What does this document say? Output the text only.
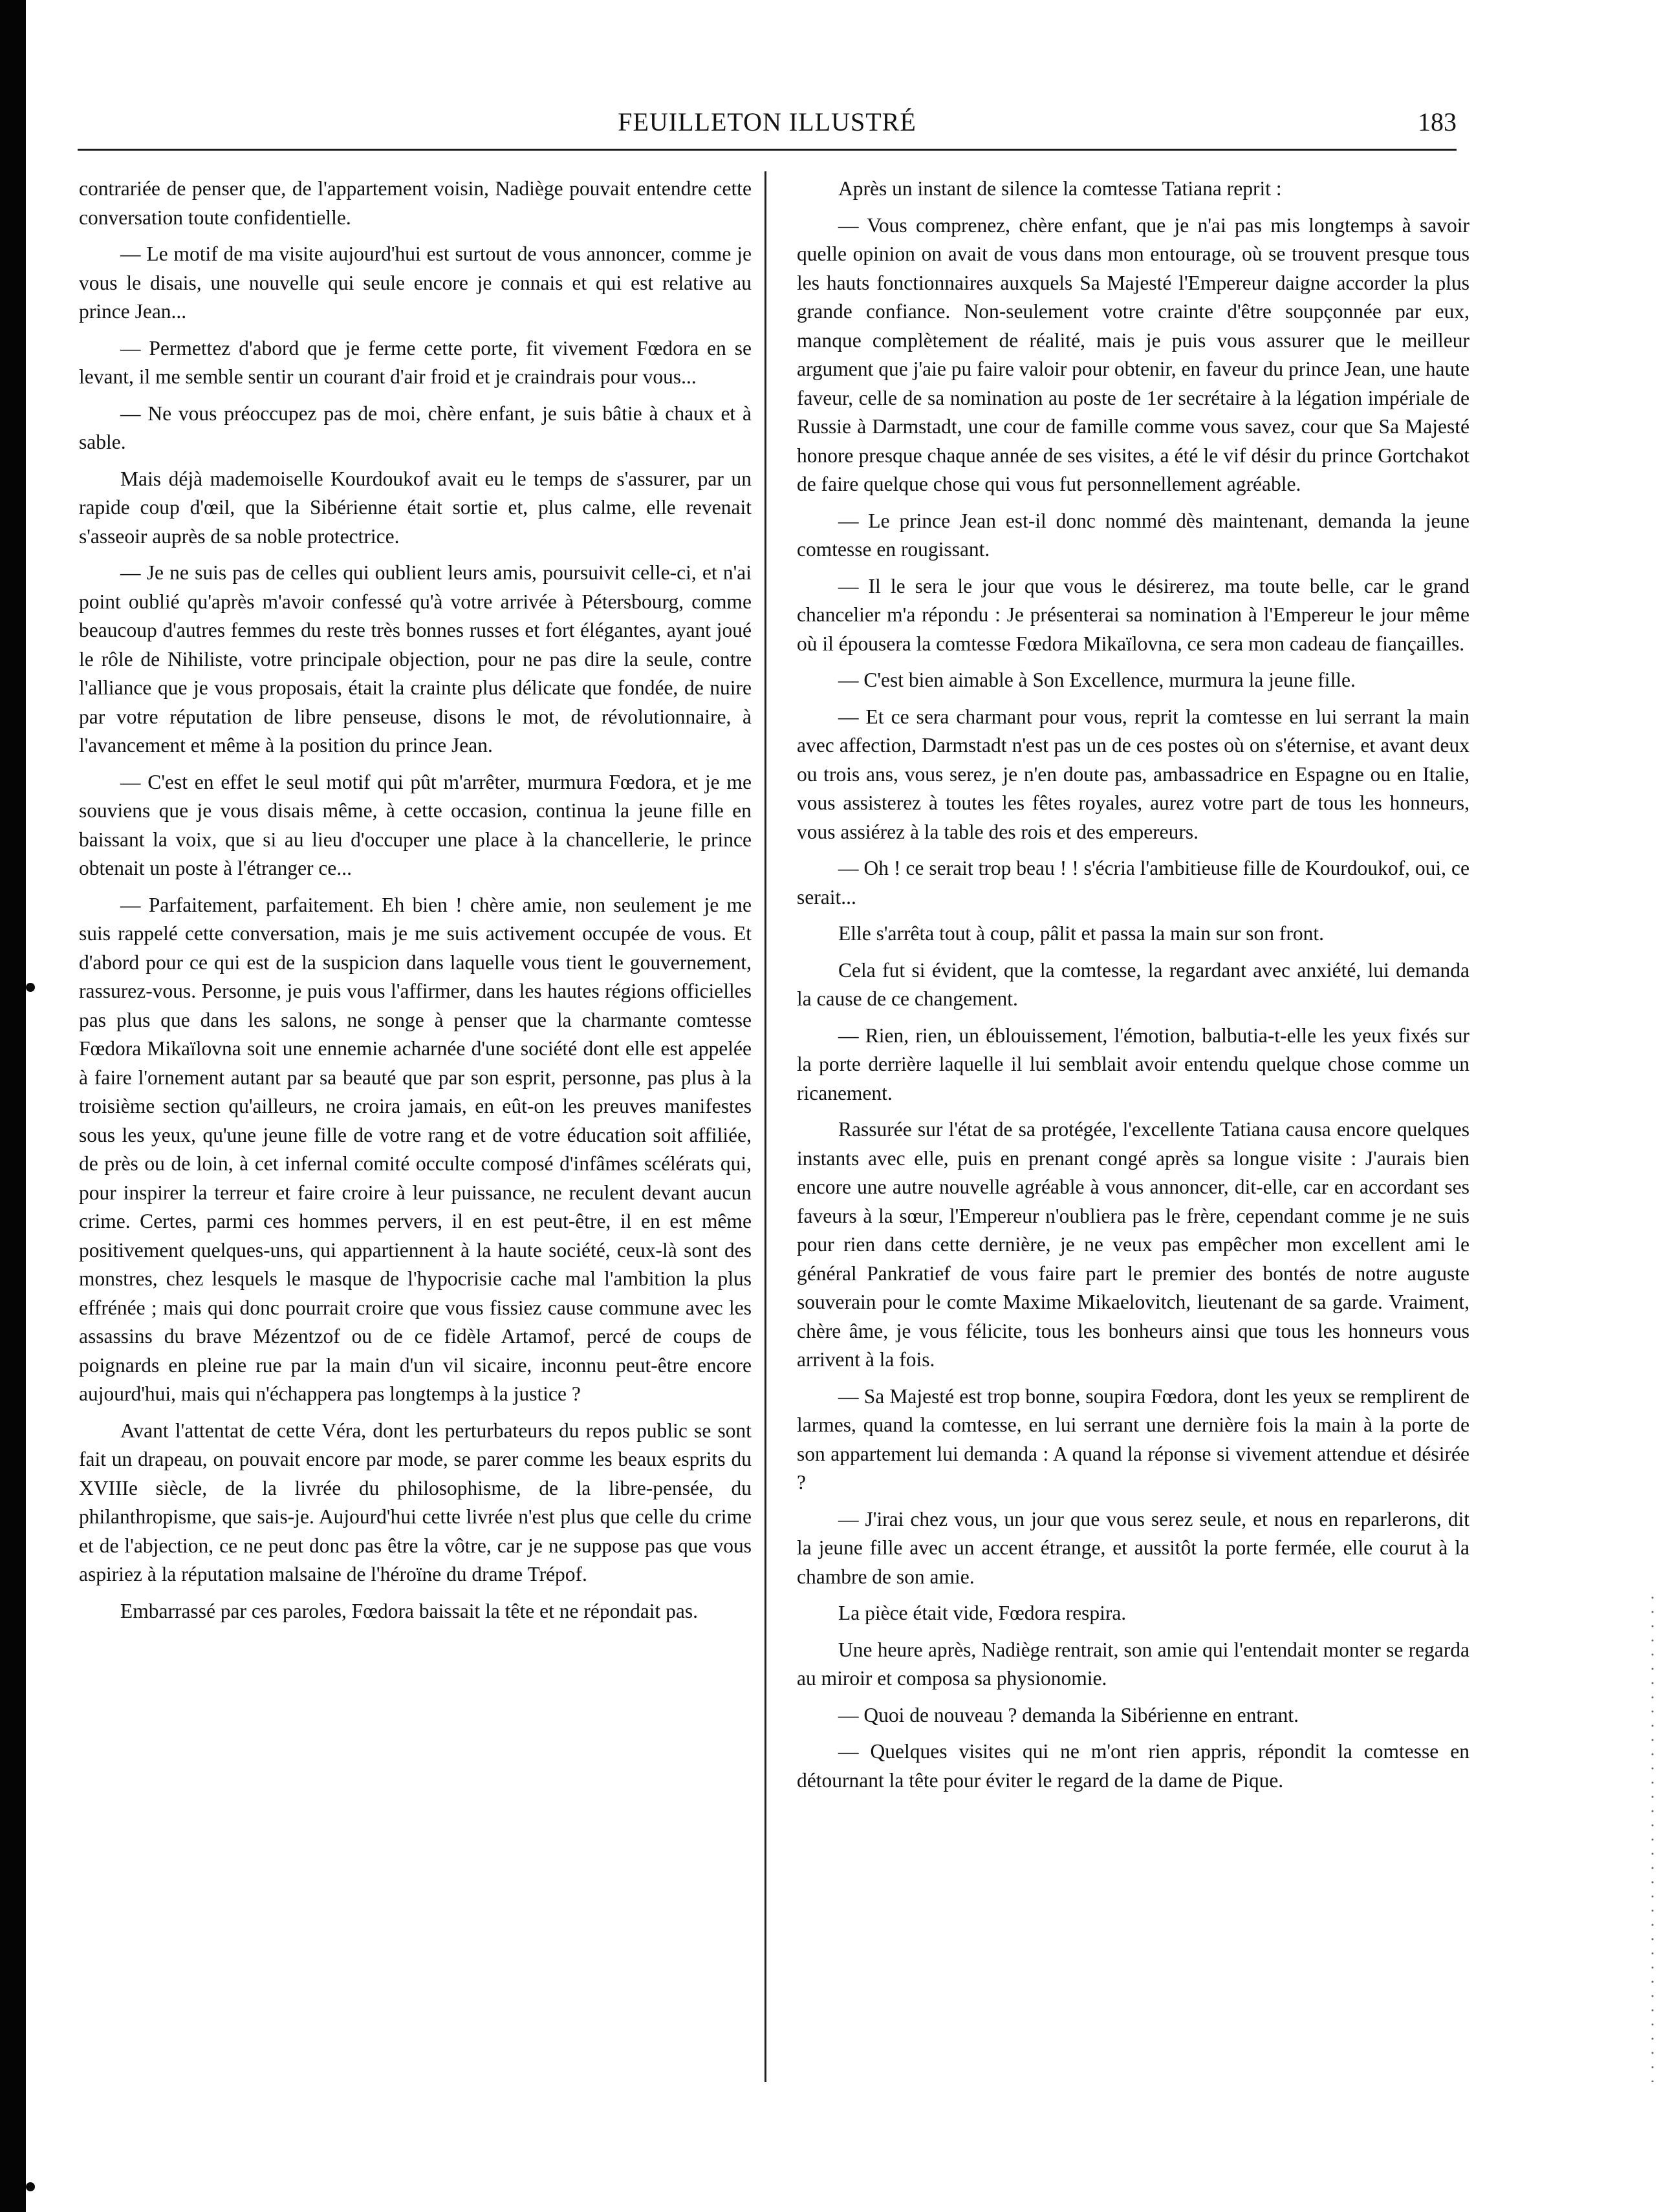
FEUILLETON ILLUSTRÉ	183

contrariée de penser que, de l'appartement voisin, Nadiège pouvait entendre cette conversation toute confidentielle.

— Le motif de ma visite aujourd'hui est surtout de vous annoncer, comme je vous le disais, une nouvelle qui seule encore je connais et qui est relative au prince Jean...

— Permettez d'abord que je ferme cette porte, fit vivement Fœdora en se levant, il me semble sentir un courant d'air froid et je craindrais pour vous...

— Ne vous préoccupez pas de moi, chère enfant, je suis bâtie à chaux et à sable.

Mais déjà mademoiselle Kourdoukof avait eu le temps de s'assurer, par un rapide coup d'œil, que la Sibérienne était sortie et, plus calme, elle revenait s'asseoir auprès de sa noble protectrice.

— Je ne suis pas de celles qui oublient leurs amis, poursuivit celle-ci, et n'ai point oublié qu'après m'avoir confessé qu'à votre arrivée à Pétersbourg, comme beaucoup d'autres femmes du reste très bonnes russes et fort élégantes, ayant joué le rôle de Nihiliste, votre principale objection, pour ne pas dire la seule, contre l'alliance que je vous proposais, était la crainte plus délicate que fondée, de nuire par votre réputation de libre penseuse, disons le mot, de révolutionnaire, à l'avancement et même à la position du prince Jean.

— C'est en effet le seul motif qui pût m'arrêter, murmura Fœdora, et je me souviens que je vous disais même, à cette occasion, continua la jeune fille en baissant la voix, que si au lieu d'occuper une place à la chancellerie, le prince obtenait un poste à l'étranger ce...

— Parfaitement, parfaitement. Eh bien ! chère amie, non seulement je me suis rappelé cette conversation, mais je me suis activement occupée de vous. Et d'abord pour ce qui est de la suspicion dans laquelle vous tient le gouvernement, rassurez-vous. Personne, je puis vous l'affirmer, dans les hautes régions officielles pas plus que dans les salons, ne songe à penser que la charmante comtesse Fœdora Mikaïlovna soit une ennemie acharnée d'une société dont elle est appelée à faire l'ornement autant par sa beauté que par son esprit, personne, pas plus à la troisième section qu'ailleurs, ne croira jamais, en eût-on les preuves manifestes sous les yeux, qu'une jeune fille de votre rang et de votre éducation soit affiliée, de près ou de loin, à cet infernal comité occulte composé d'infâmes scélérats qui, pour inspirer la terreur et faire croire à leur puissance, ne reculent devant aucun crime. Certes, parmi ces hommes pervers, il en est peut-être, il en est même positivement quelques-uns, qui appartiennent à la haute société, ceux-là sont des monstres, chez lesquels le masque de l'hypocrisie cache mal l'ambition la plus effrénée ; mais qui donc pourrait croire que vous fissiez cause commune avec les assassins du brave Mézentzof ou de ce fidèle Artamof, percé de coups de poignards en pleine rue par la main d'un vil sicaire, inconnu peut-être encore aujourd'hui, mais qui n'échappera pas longtemps à la justice ?

Avant l'attentat de cette Véra, dont les perturbateurs du repos public se sont fait un drapeau, on pouvait encore par mode, se parer comme les beaux esprits du XVIIIe siècle, de la livrée du philosophisme, de la libre-pensée, du philanthropisme, que sais-je. Aujourd'hui cette livrée n'est plus que celle du crime et de l'abjection, ce ne peut donc pas être la vôtre, car je ne suppose pas que vous aspiriez à la réputation malsaine de l'héroïne du drame Trépof.

Embarrassé par ces paroles, Fœdora baissait la tête et ne répondait pas.

Après un instant de silence la comtesse Tatiana reprit :

— Vous comprenez, chère enfant, que je n'ai pas mis longtemps à savoir quelle opinion on avait de vous dans mon entourage, où se trouvent presque tous les hauts fonctionnaires auxquels Sa Majesté l'Empereur daigne accorder la plus grande confiance. Non-seulement votre crainte d'être soupçonnée par eux, manque complètement de réalité, mais je puis vous assurer que le meilleur argument que j'aie pu faire valoir pour obtenir, en faveur du prince Jean, une haute faveur, celle de sa nomination au poste de 1er secrétaire à la légation impériale de Russie à Darmstadt, une cour de famille comme vous savez, cour que Sa Majesté honore presque chaque année de ses visites, a été le vif désir du prince Gortchakot de faire quelque chose qui vous fut personnellement agréable.

— Le prince Jean est-il donc nommé dès maintenant, demanda la jeune comtesse en rougissant.

— Il le sera le jour que vous le désirerez, ma toute belle, car le grand chancelier m'a répondu : Je présenterai sa nomination à l'Empereur le jour même où il épousera la comtesse Fœdora Mikaïlovna, ce sera mon cadeau de fiançailles.

— C'est bien aimable à Son Excellence, murmura la jeune fille.

— Et ce sera charmant pour vous, reprit la comtesse en lui serrant la main avec affection, Darmstadt n'est pas un de ces postes où on s'éternise, et avant deux ou trois ans, vous serez, je n'en doute pas, ambassadrice en Espagne ou en Italie, vous assisterez à toutes les fêtes royales, aurez votre part de tous les honneurs, vous assiérez à la table des rois et des empereurs.

— Oh ! ce serait trop beau ! ! s'écria l'ambitieuse fille de Kourdoukof, oui, ce serait...

Elle s'arrêta tout à coup, pâlit et passa la main sur son front.

Cela fut si évident, que la comtesse, la regardant avec anxiété, lui demanda la cause de ce changement.

— Rien, rien, un éblouissement, l'émotion, balbutia-t-elle les yeux fixés sur la porte derrière laquelle il lui semblait avoir entendu quelque chose comme un ricanement.

Rassurée sur l'état de sa protégée, l'excellente Tatiana causa encore quelques instants avec elle, puis en prenant congé après sa longue visite : J'aurais bien encore une autre nouvelle agréable à vous annoncer, dit-elle, car en accordant ses faveurs à la sœur, l'Empereur n'oubliera pas le frère, cependant comme je ne suis pour rien dans cette dernière, je ne veux pas empêcher mon excellent ami le général Pankratief de vous faire part le premier des bontés de notre auguste souverain pour le comte Maxime Mikaelovitch, lieutenant de sa garde. Vraiment, chère âme, je vous félicite, tous les bonheurs ainsi que tous les honneurs vous arrivent à la fois.

— Sa Majesté est trop bonne, soupira Fœdora, dont les yeux se remplirent de larmes, quand la comtesse, en lui serrant une dernière fois la main à la porte de son appartement lui demanda : A quand la réponse si vivement attendue et désirée ?

— J'irai chez vous, un jour que vous serez seule, et nous en reparlerons, dit la jeune fille avec un accent étrange, et aussitôt la porte fermée, elle courut à la chambre de son amie.

La pièce était vide, Fœdora respira.

Une heure après, Nadiège rentrait, son amie qui l'entendait monter se regarda au miroir et composa sa physionomie.

— Quoi de nouveau ? demanda la Sibérienne en entrant.

— Quelques visites qui ne m'ont rien appris, répondit la comtesse en détournant la tête pour éviter le regard de la dame de Pique.
